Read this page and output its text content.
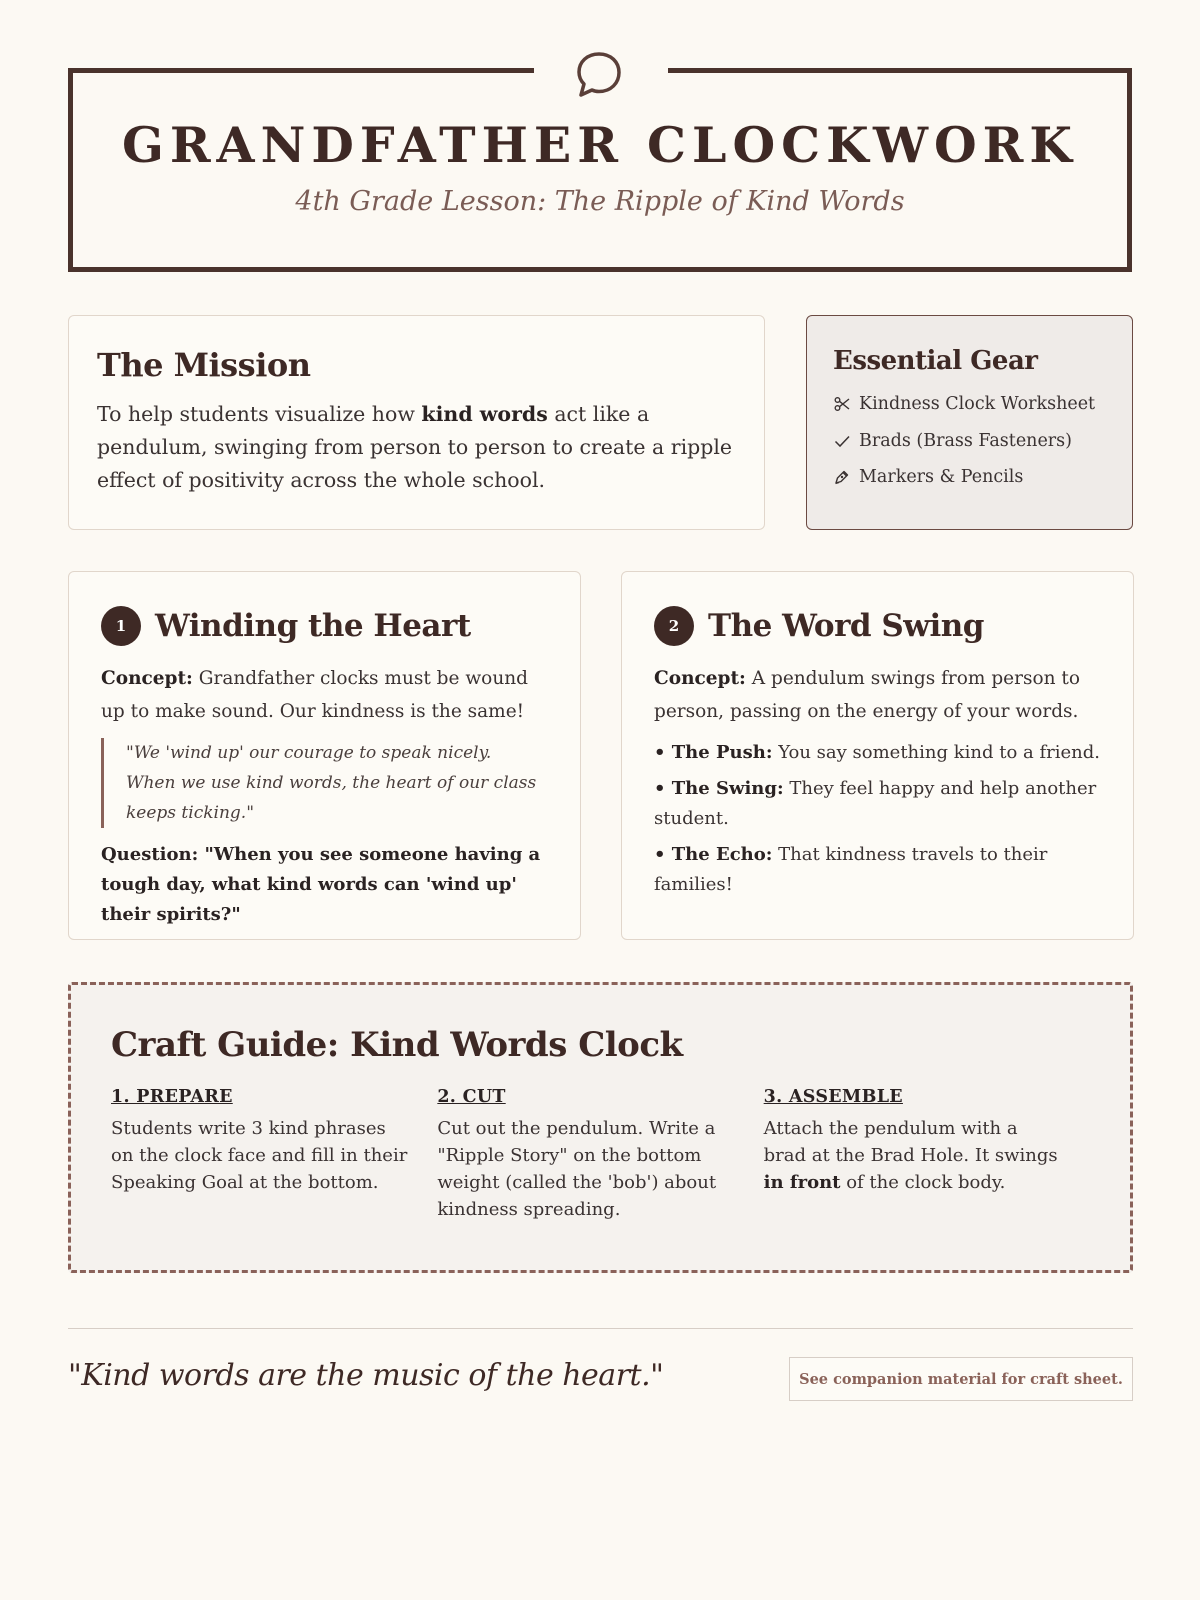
GRANDFATHER CLOCKWORK
4th Grade Lesson: The Ripple of Kind Words
The Mission

To help students visualize how kind words act like a pendulum, swinging from person to person to create a ripple effect of positivity across the whole school.

Essential Gear
Kindness Clock Worksheet
Brads (Brass Fasteners)
Markers & Pencils
1 Winding the Heart

Concept: Grandfather clocks must be wound up to make sound. Our kindness is the same!

"We 'wind up' our courage to speak nicely. When we use kind words, the heart of our class keeps ticking."
Question: "When you see someone having a tough day, what kind words can 'wind up' their spirits?"
2 The Word Swing

Concept: A pendulum swings from person to person, passing on the energy of your words.

• The Push: You say something kind to a friend.
• The Swing: They feel happy and help another student.
• The Echo: That kindness travels to their families!
Craft Guide: Kind Words Clock
1. PREPARE

Students write 3 kind phrases on the clock face and fill in their Speaking Goal at the bottom.

2. CUT

Cut out the pendulum. Write a "Ripple Story" on the bottom weight (called the 'bob') about kindness spreading.

3. ASSEMBLE

Attach the pendulum with a brad at the Brad Hole. It swings in front of the clock body.

"Kind words are the music of the heart."	See companion material for craft sheet.
